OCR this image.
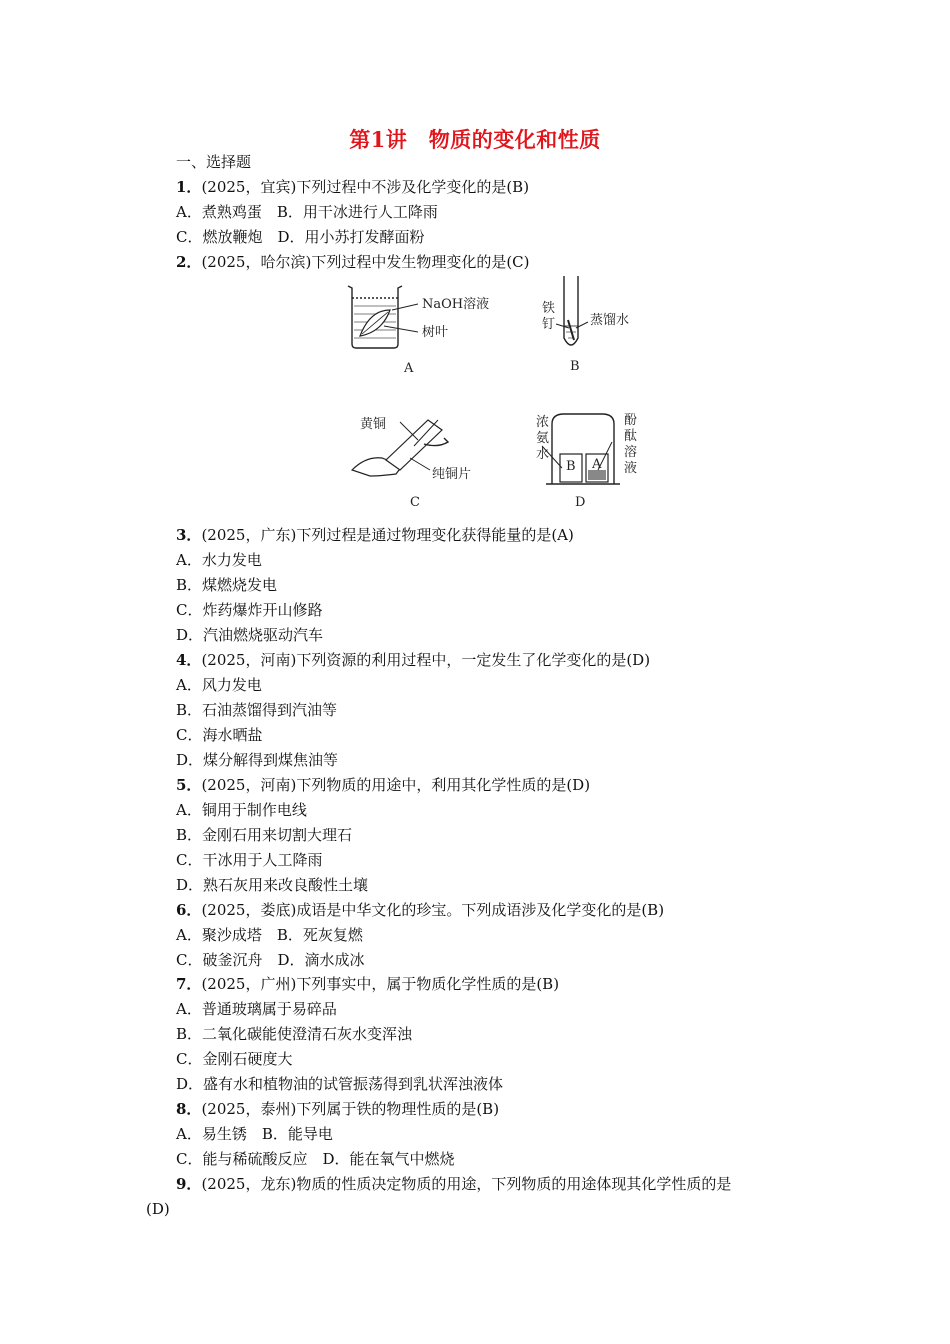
第1讲　物质的变化和性质
一、选择题
1．(2025，宜宾)下列过程中不涉及化学变化的是(B)
A．煮熟鸡蛋　B．用干冰进行人工降雨
C．燃放鞭炮　D．用小苏打发酵面粉
2．(2025，哈尔滨)下列过程中发生物理变化的是(C)
NaOH溶液
树叶
A
铁
钉	蒸馏水
B
黄铜
纯铜片
C
B A
浓
氨
水
酚
酞
溶
液
D
3．(2025，广东)下列过程是通过物理变化获得能量的是(A)
A．水力发电
B．煤燃烧发电
C．炸药爆炸开山修路
D．汽油燃烧驱动汽车
4．(2025，河南)下列资源的利用过程中，一定发生了化学变化的是(D)
A．风力发电
B．石油蒸馏得到汽油等
C．海水晒盐
D．煤分解得到煤焦油等
5．(2025，河南)下列物质的用途中，利用其化学性质的是(D)
A．铜用于制作电线
B．金刚石用来切割大理石
C．干冰用于人工降雨
D．熟石灰用来改良酸性土壤
6．(2025，娄底)成语是中华文化的珍宝。下列成语涉及化学变化的是(B)
A．聚沙成塔　B．死灰复燃
C．破釜沉舟　D．滴水成冰
7．(2025，广州)下列事实中，属于物质化学性质的是(B)
A．普通玻璃属于易碎品
B．二氧化碳能使澄清石灰水变浑浊
C．金刚石硬度大
D．盛有水和植物油的试管振荡得到乳状浑浊液体
8．(2025，泰州)下列属于铁的物理性质的是(B)
A．易生锈　B．能导电
C．能与稀硫酸反应　D．能在氧气中燃烧
9．(2025，龙东)物质的性质决定物质的用途，下列物质的用途体现其化学性质的是
(D)
